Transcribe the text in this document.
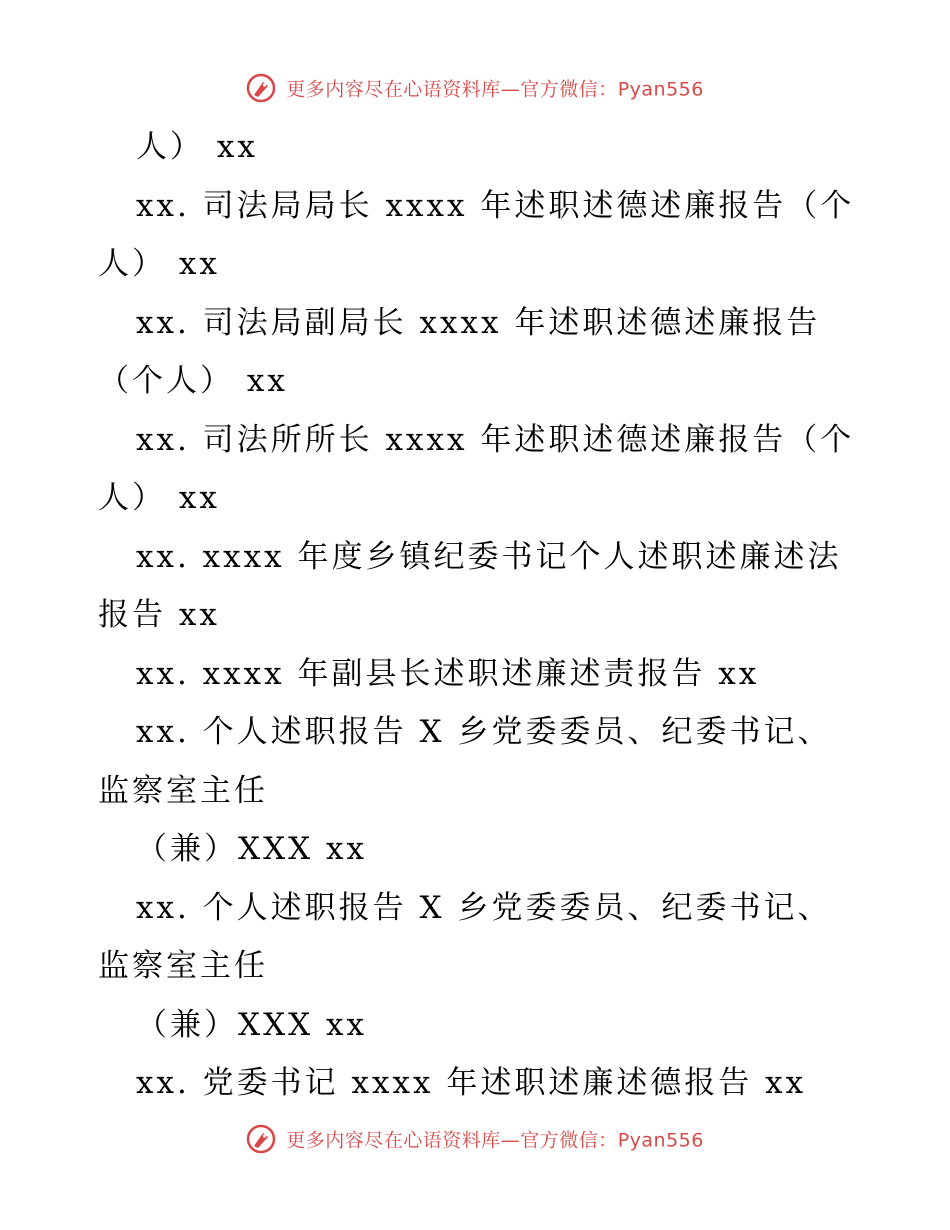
更多内容尽在心语资料库—官方微信：Pyan556
人） xx
xx. 司法局局长 xxxx 年述职述德述廉报告（个
人） xx
xx. 司法局副局长 xxxx 年述职述德述廉报告
（个人） xx
xx. 司法所所长 xxxx 年述职述德述廉报告（个
人） xx
xx. xxxx 年度乡镇纪委书记个人述职述廉述法
报告 xx
xx. xxxx 年副县长述职述廉述责报告 xx
xx. 个人述职报告 X 乡党委委员、纪委书记、
监察室主任
（兼）XXX xx
xx. 个人述职报告 X 乡党委委员、纪委书记、
监察室主任
（兼）XXX xx
xx. 党委书记 xxxx 年述职述廉述德报告 xx
更多内容尽在心语资料库—官方微信：Pyan556
